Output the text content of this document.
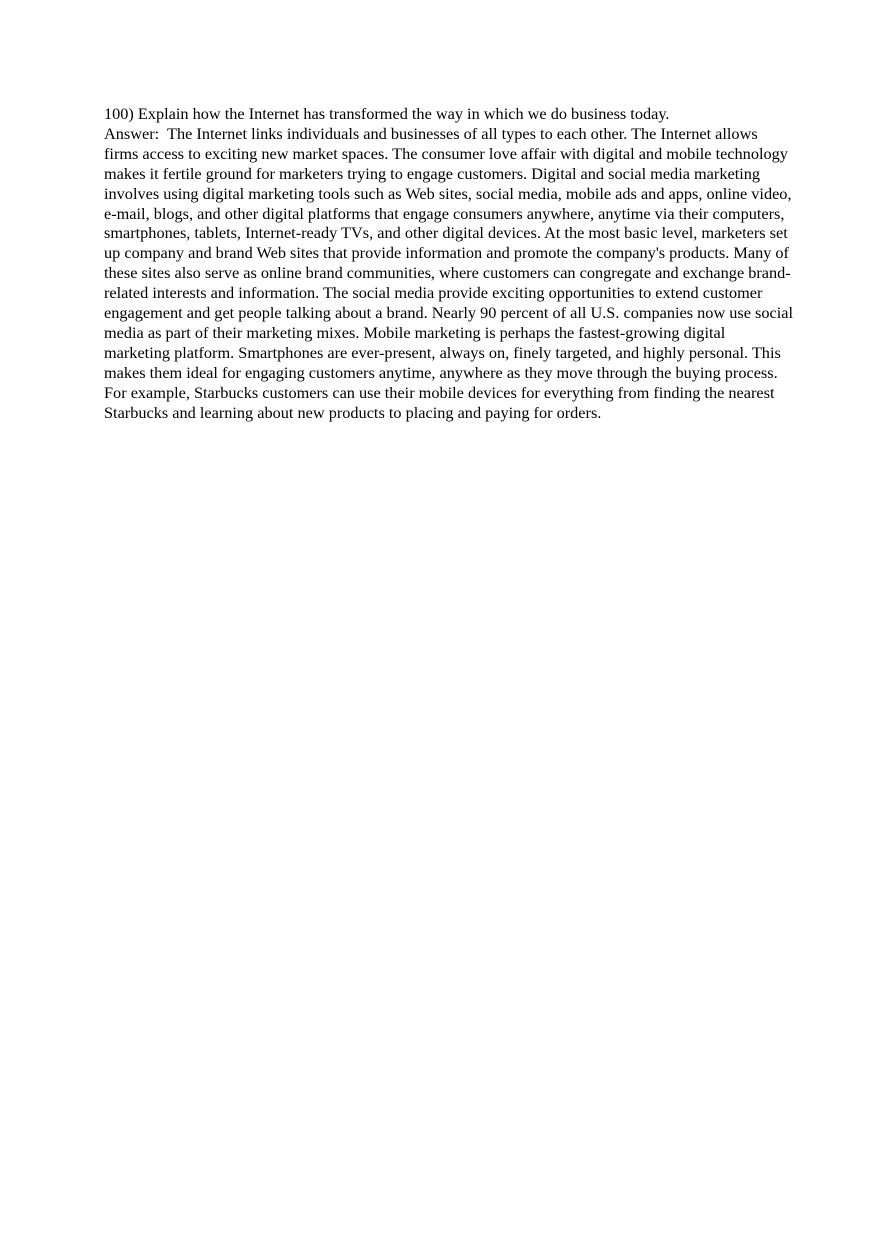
100) Explain how the Internet has transformed the way in which we do business today.

Answer:  The Internet links individuals and businesses of all types to each other. The Internet allows firms access to exciting new market spaces. The consumer love affair with digital and mobile technology makes it fertile ground for marketers trying to engage customers. Digital and social media marketing involves using digital marketing tools such as Web sites, social media, mobile ads and apps, online video, e-mail, blogs, and other digital platforms that engage consumers anywhere, anytime via their computers, smartphones, tablets, Internet-ready TVs, and other digital devices. At the most basic level, marketers set up company and brand Web sites that provide information and promote the company's products. Many of these sites also serve as online brand communities, where customers can congregate and exchange brand-related interests and information. The social media provide exciting opportunities to extend customer engagement and get people talking about a brand. Nearly 90 percent of all U.S. companies now use social media as part of their marketing mixes. Mobile marketing is perhaps the fastest-growing digital marketing platform. Smartphones are ever-present, always on, finely targeted, and highly personal. This makes them ideal for engaging customers anytime, anywhere as they move through the buying process. For example, Starbucks customers can use their mobile devices for everything from finding the nearest Starbucks and learning about new products to placing and paying for orders.
